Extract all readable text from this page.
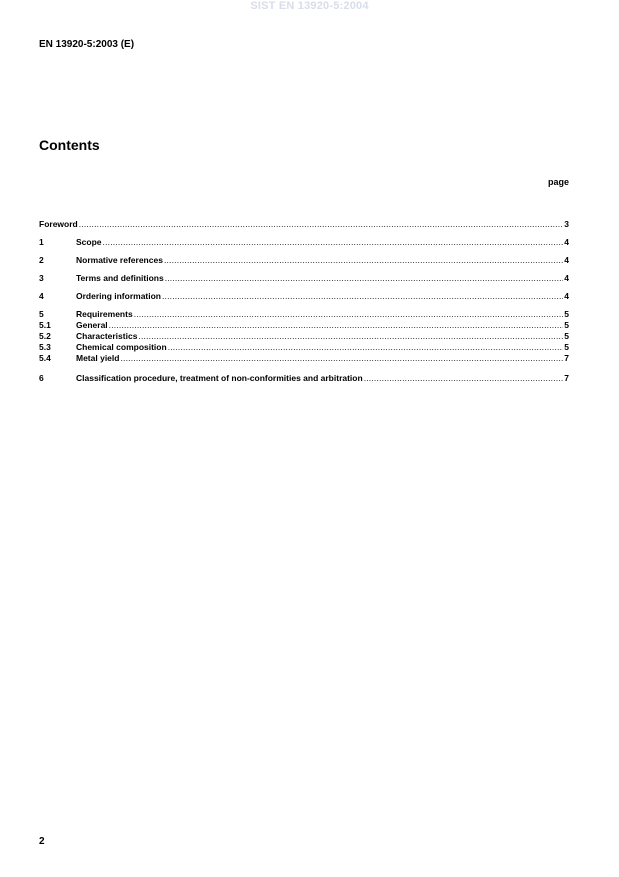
SIST EN 13920-5:2004
EN 13920-5:2003 (E)
Contents
page
Foreword .....	3
1	Scope .....	4
2	Normative references .....	4
3	Terms and definitions .....	4
4	Ordering information .....	4
5	Requirements .....	5
5.1	General .....	5
5.2	Characteristics .....	5
5.3	Chemical composition .....	5
5.4	Metal yield .....	7
6	Classification procedure, treatment of non-conformities and arbitration .....	7
2
